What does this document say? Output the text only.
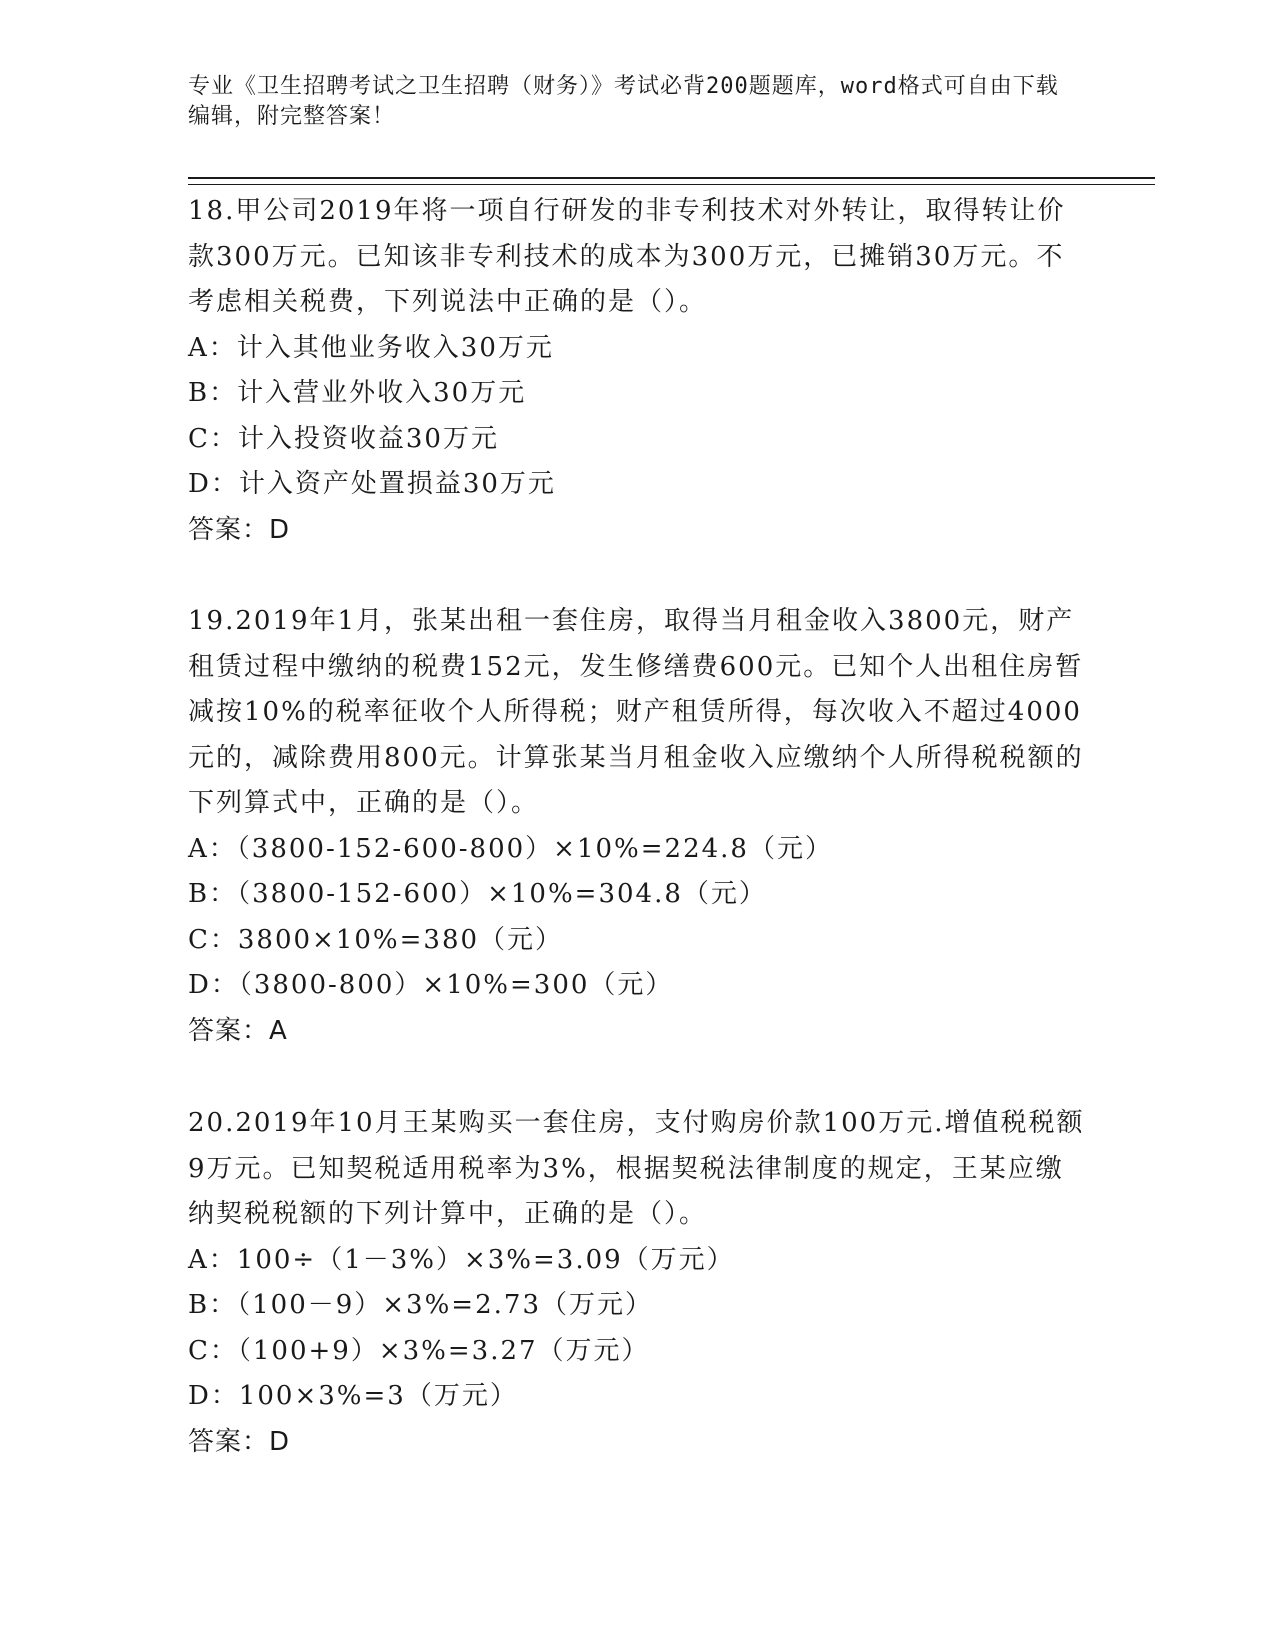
专业《卫生招聘考试之卫生招聘（财务）》考试必背200题题库，word格式可自由下载编辑，附完整答案！
18.甲公司2019年将一项自行研发的非专利技术对外转让，取得转让价款300万元。已知该非专利技术的成本为300万元，已摊销30万元。不考虑相关税费，下列说法中正确的是（）。
A：计入其他业务收入30万元
B：计入营业外收入30万元
C：计入投资收益30万元
D：计入资产处置损益30万元
答案：D
19.2019年1月，张某出租一套住房，取得当月租金收入3800元，财产租赁过程中缴纳的税费152元，发生修缮费600元。已知个人出租住房暂减按10%的税率征收个人所得税；财产租赁所得，每次收入不超过4000元的，减除费用800元。计算张某当月租金收入应缴纳个人所得税税额的下列算式中，正确的是（）。
A：（3800-152-600-800）×10%=224.8（元）
B：（3800-152-600）×10%=304.8（元）
C：3800×10%=380（元）
D：（3800-800）×10%=300（元）
答案：A
20.2019年10月王某购买一套住房，支付购房价款100万元.增值税税额9万元。已知契税适用税率为3%，根据契税法律制度的规定，王某应缴纳契税税额的下列计算中，正确的是（）。
A：100÷（1－3%）×3%=3.09（万元）
B：（100－9）×3%=2.73（万元）
C：（100+9）×3%=3.27（万元）
D：100×3%=3（万元）
答案：D
